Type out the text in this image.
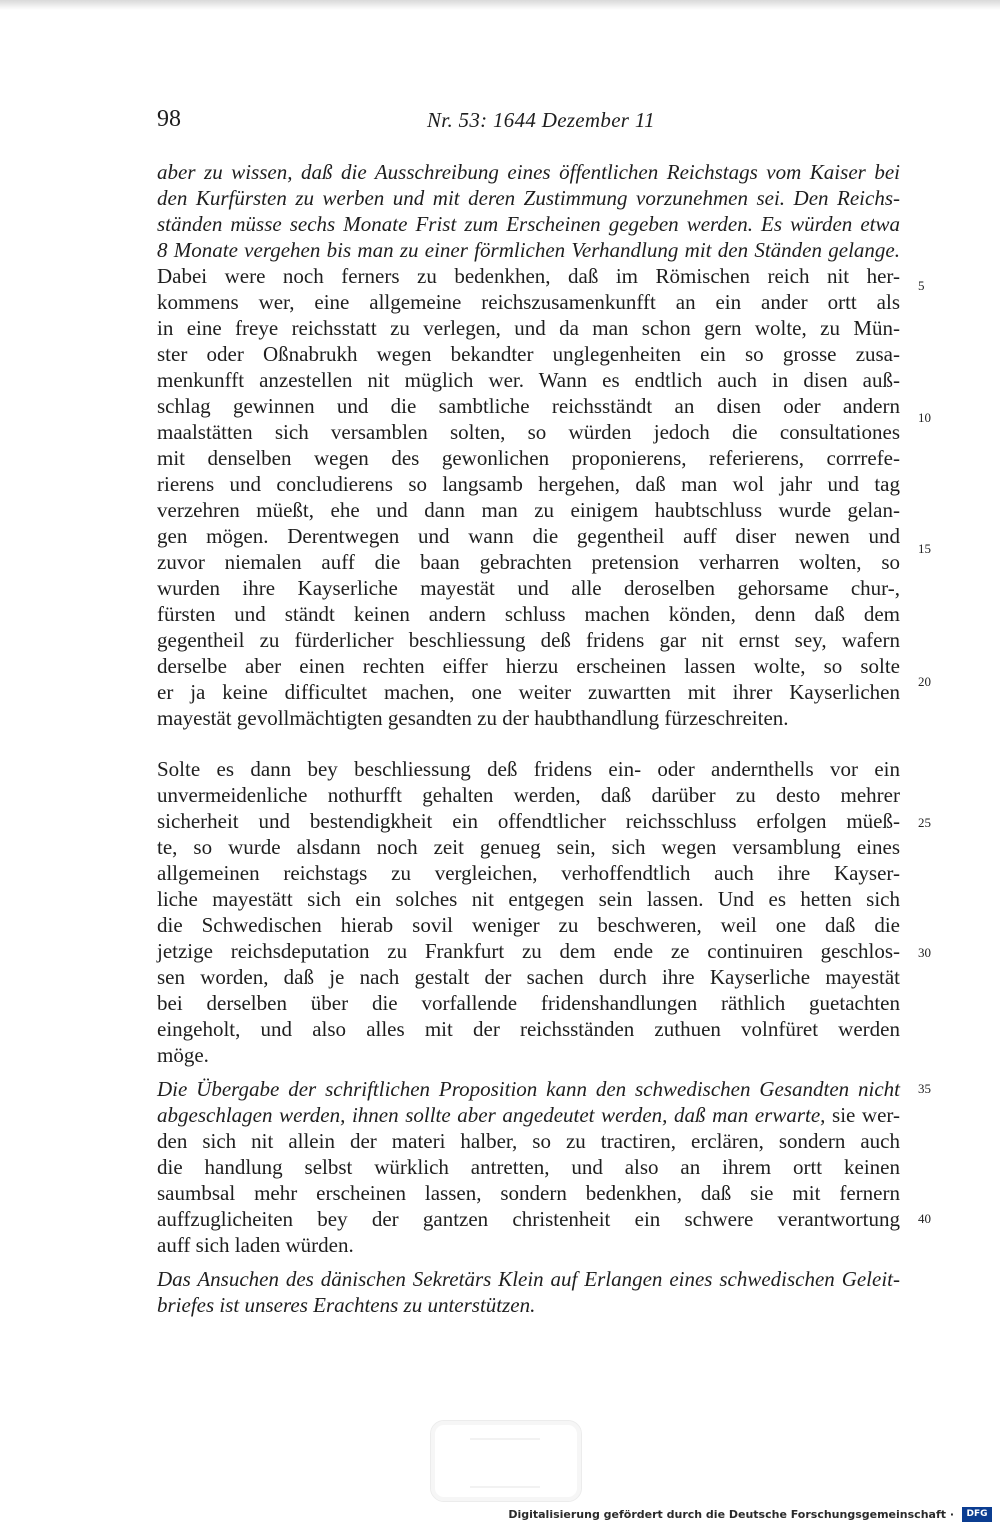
98	Nr. 53: 1644 Dezember 11
aber zu wissen, daß die Ausschreibung eines öffentlichen Reichstags vom Kaiser bei
den Kurfürsten zu werben und mit deren Zustimmung vorzunehmen sei. Den Reichs-
ständen müsse sechs Monate Frist zum Erscheinen gegeben werden. Es würden etwa
8 Monate vergehen bis man zu einer förmlichen Verhandlung mit den Ständen gelange.
Dabei were noch ferners zu bedenkhen, daß im Römischen reich nit her-
kommens wer, eine allgemeine reichszusamenkunfft an ein ander ortt als
in eine freye reichsstatt zu verlegen, und da man schon gern wolte, zu Mün-
ster oder Oßnabrukh wegen bekandter unglegenheiten ein so grosse zusa-
menkunfft anzestellen nit müglich wer. Wann es endtlich auch in disen auß-
schlag gewinnen und die sambtliche reichsständt an disen oder andern
maalstätten sich versamblen solten, so würden jedoch die consultationes
mit denselben wegen des gewonlichen proponierens, referierens, corrrefe-
rierens und concludierens so langsamb hergehen, daß man wol jahr und tag
verzehren müeßt, ehe und dann man zu einigem haubtschluss wurde gelan-
gen mögen. Derentwegen und wann die gegentheil auff diser newen und
zuvor niemalen auff die baan gebrachten pretension verharren wolten, so
wurden ihre Kayserliche mayestät und alle deroselben gehorsame chur-,
fürsten und ständt keinen andern schluss machen könden, denn daß dem
gegentheil zu fürderlicher beschliessung deß fridens gar nit ernst sey, wafern
derselbe aber einen rechten eiffer hierzu erscheinen lassen wolte, so solte
er ja keine difficultet machen, one weiter zuwartten mit ihrer Kayserlichen
mayestät gevollmächtigten gesandten zu der haubthandlung fürzeschreiten.
Solte es dann bey beschliessung deß fridens ein- oder andernthells vor ein
unvermeidenliche nothurfft gehalten werden, daß darüber zu desto mehrer
sicherheit und bestendigkheit ein offendtlicher reichsschluss erfolgen müeß-
te, so wurde alsdann noch zeit genueg sein, sich wegen versamblung eines
allgemeinen reichstags zu vergleichen, verhoffendtlich auch ihre Kayser-
liche mayestätt sich ein solches nit entgegen sein lassen. Und es hetten sich
die Schwedischen hierab sovil weniger zu beschweren, weil one daß die
jetzige reichsdeputation zu Frankfurt zu dem ende ze continuiren geschlos-
sen worden, daß je nach gestalt der sachen durch ihre Kayserliche mayestät
bei derselben über die vorfallende fridenshandlungen räthlich guetachten
eingeholt, und also alles mit der reichsständen zuthuen volnfüret werden
möge.
Die Übergabe der schriftlichen Proposition kann den schwedischen Gesandten nicht
abgeschlagen werden, ihnen sollte aber angedeutet werden, daß man erwarte, sie wer-
den sich nit allein der materi halber, so zu tractiren, erclären, sondern auch
die handlung selbst würklich antretten, und also an ihrem ortt keinen
saumbsal mehr erscheinen lassen, sondern bedenkhen, daß sie mit fernern
auffzuglicheiten bey der gantzen christenheit ein schwere verantwortung
auff sich laden würden.
Das Ansuchen des dänischen Sekretärs Klein auf Erlangen eines schwedischen Geleit-
briefes ist unseres Erachtens zu unterstützen.
5
10
15
20
25
30
35
40
Digitalisierung gefördert durch die Deutsche Forschungsgemeinschaft ·	DFG
